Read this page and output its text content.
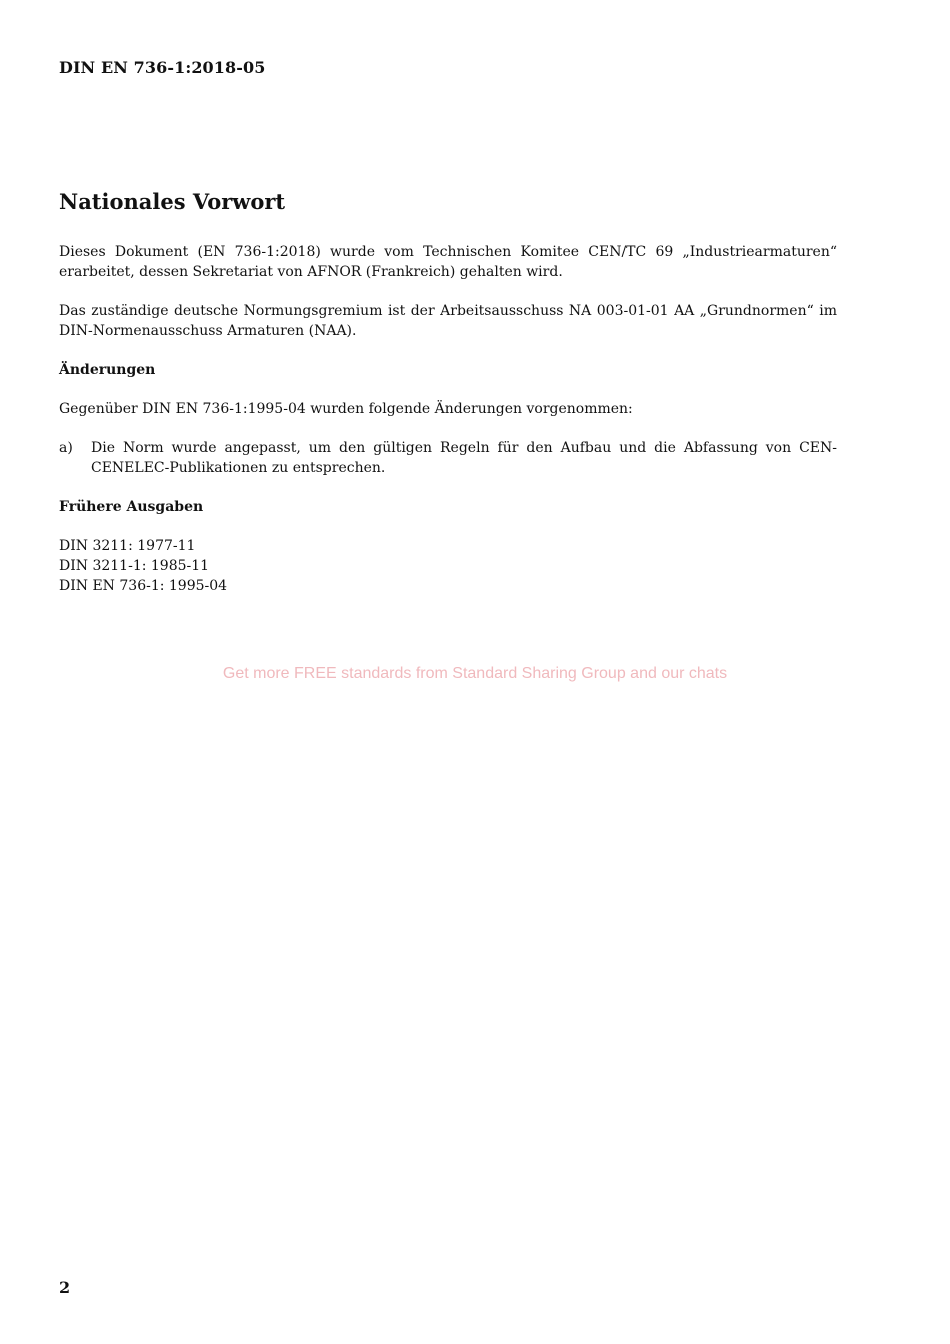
DIN EN 736-1:2018-05
Nationales Vorwort

Dieses Dokument (EN 736-1:2018) wurde vom Technischen Komitee CEN/TC 69 „Industriearmaturen“ erarbeitet, dessen Sekretariat von AFNOR (Frankreich) gehalten wird.

Das zuständige deutsche Normungsgremium ist der Arbeitsausschuss NA 003-01-01 AA „Grundnormen“ im DIN-Normenausschuss Armaturen (NAA).

Änderungen

Gegenüber DIN EN 736-1:1995-04 wurden folgende Änderungen vorgenommen:

a)	Die Norm wurde angepasst, um den gültigen Regeln für den Aufbau und die Abfassung von CEN-CENELEC-Publikationen zu entsprechen.
Frühere Ausgaben
DIN 3211: 1977-11
DIN 3211-1: 1985-11
DIN EN 736-1: 1995-04
Get more FREE standards from Standard Sharing Group and our chats
2
